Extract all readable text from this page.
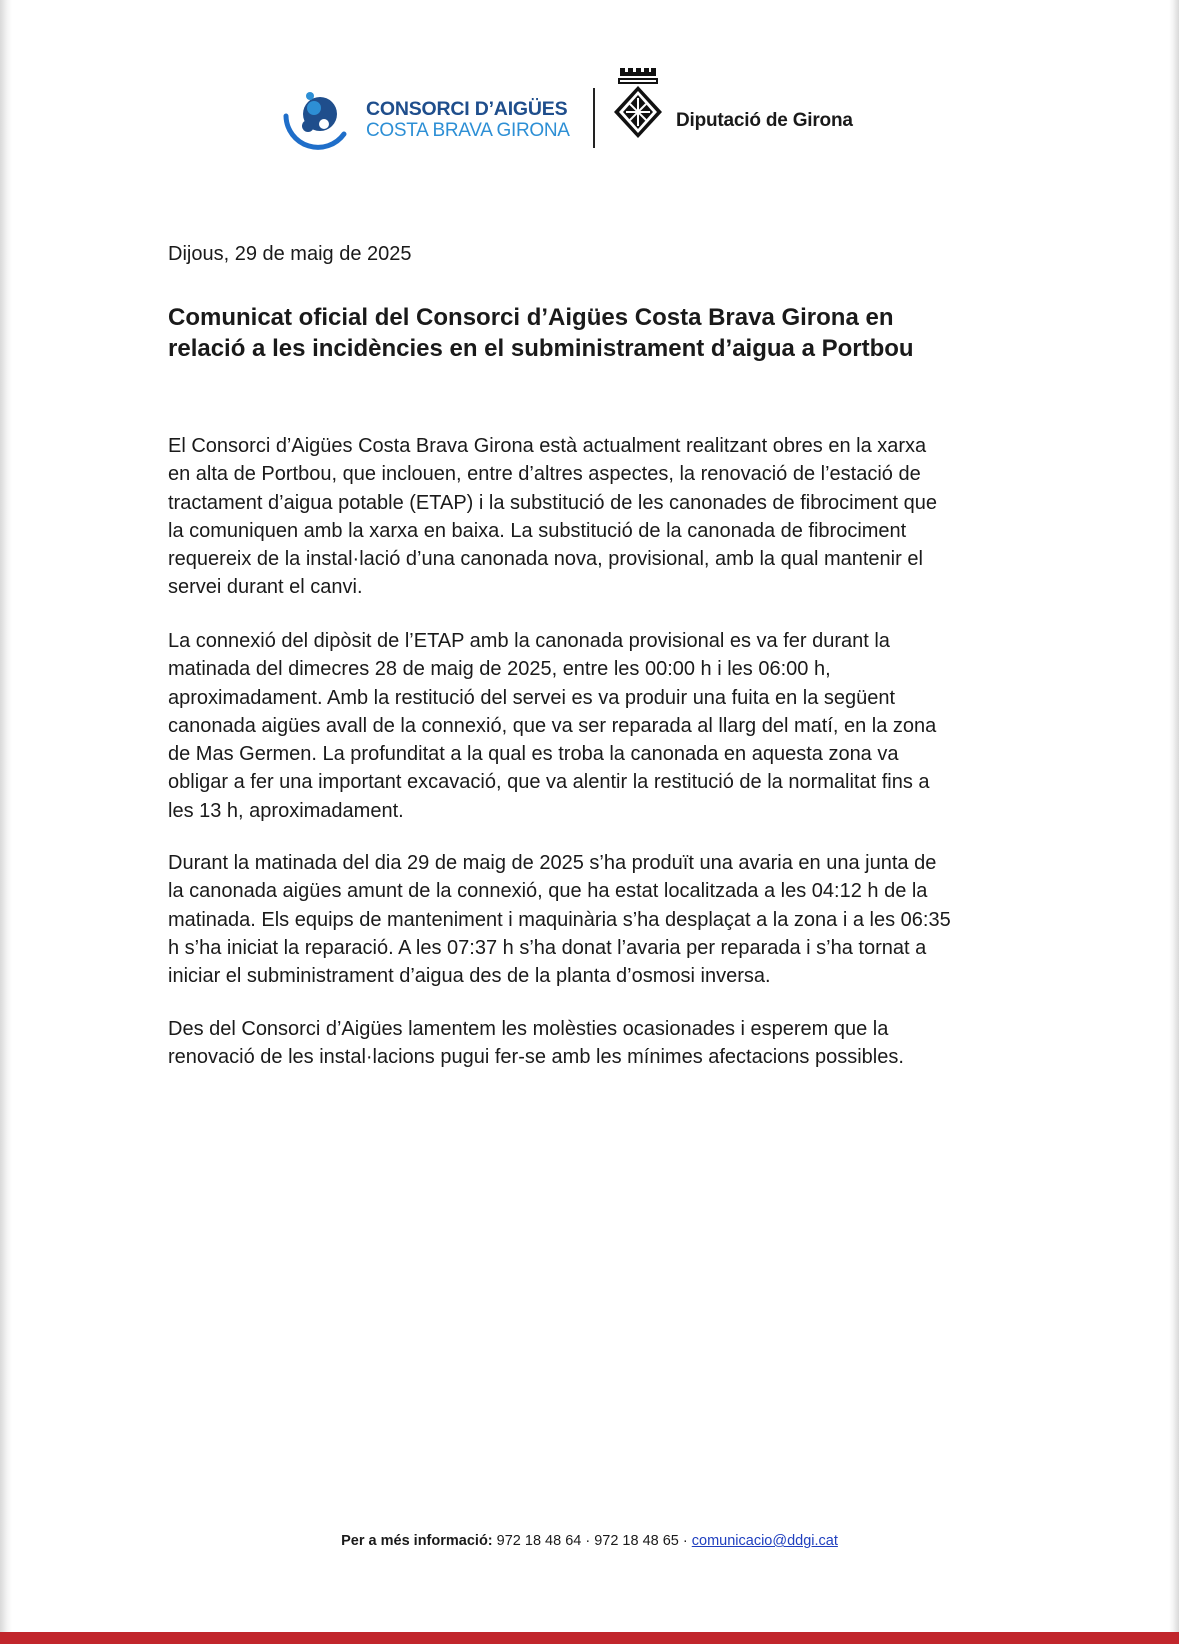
CONSORCI D’AIGÜES
COSTA BRAVA GIRONA	Diputació de Girona
Dijous, 29 de maig de 2025
Comunicat oficial del Consorci d’Aigües Costa Brava Girona en
relació a les incidències en el subministrament d’aigua a Portbou

El Consorci d’Aigües Costa Brava Girona està actualment realitzant obres en la xarxa
en alta de Portbou, que inclouen, entre d’altres aspectes, la renovació de l’estació de
tractament d’aigua potable (ETAP) i la substitució de les canonades de fibrociment que
la comuniquen amb la xarxa en baixa. La substitució de la canonada de fibrociment
requereix de la instal·lació d’una canonada nova, provisional, amb la qual mantenir el
servei durant el canvi.

La connexió del dipòsit de l’ETAP amb la canonada provisional es va fer durant la
matinada del dimecres 28 de maig de 2025, entre les 00:00 h i les 06:00 h,
aproximadament. Amb la restitució del servei es va produir una fuita en la següent
canonada aigües avall de la connexió, que va ser reparada al llarg del matí, en la zona
de Mas Germen. La profunditat a la qual es troba la canonada en aquesta zona va
obligar a fer una important excavació, que va alentir la restitució de la normalitat fins a
les 13 h, aproximadament.

Durant la matinada del dia 29 de maig de 2025 s’ha produït una avaria en una junta de
la canonada aigües amunt de la connexió, que ha estat localitzada a les 04:12 h de la
matinada. Els equips de manteniment i maquinària s’ha desplaçat a la zona i a les 06:35
h s’ha iniciat la reparació. A les 07:37 h s’ha donat l’avaria per reparada i s’ha tornat a
iniciar el subministrament d’aigua des de la planta d’osmosi inversa.

Des del Consorci d’Aigües lamentem les molèsties ocasionades i esperem que la
renovació de les instal·lacions pugui fer-se amb les mínimes afectacions possibles.

Per a més informació: 972 18 48 64 · 972 18 48 65 · comunicacio@ddgi.cat
